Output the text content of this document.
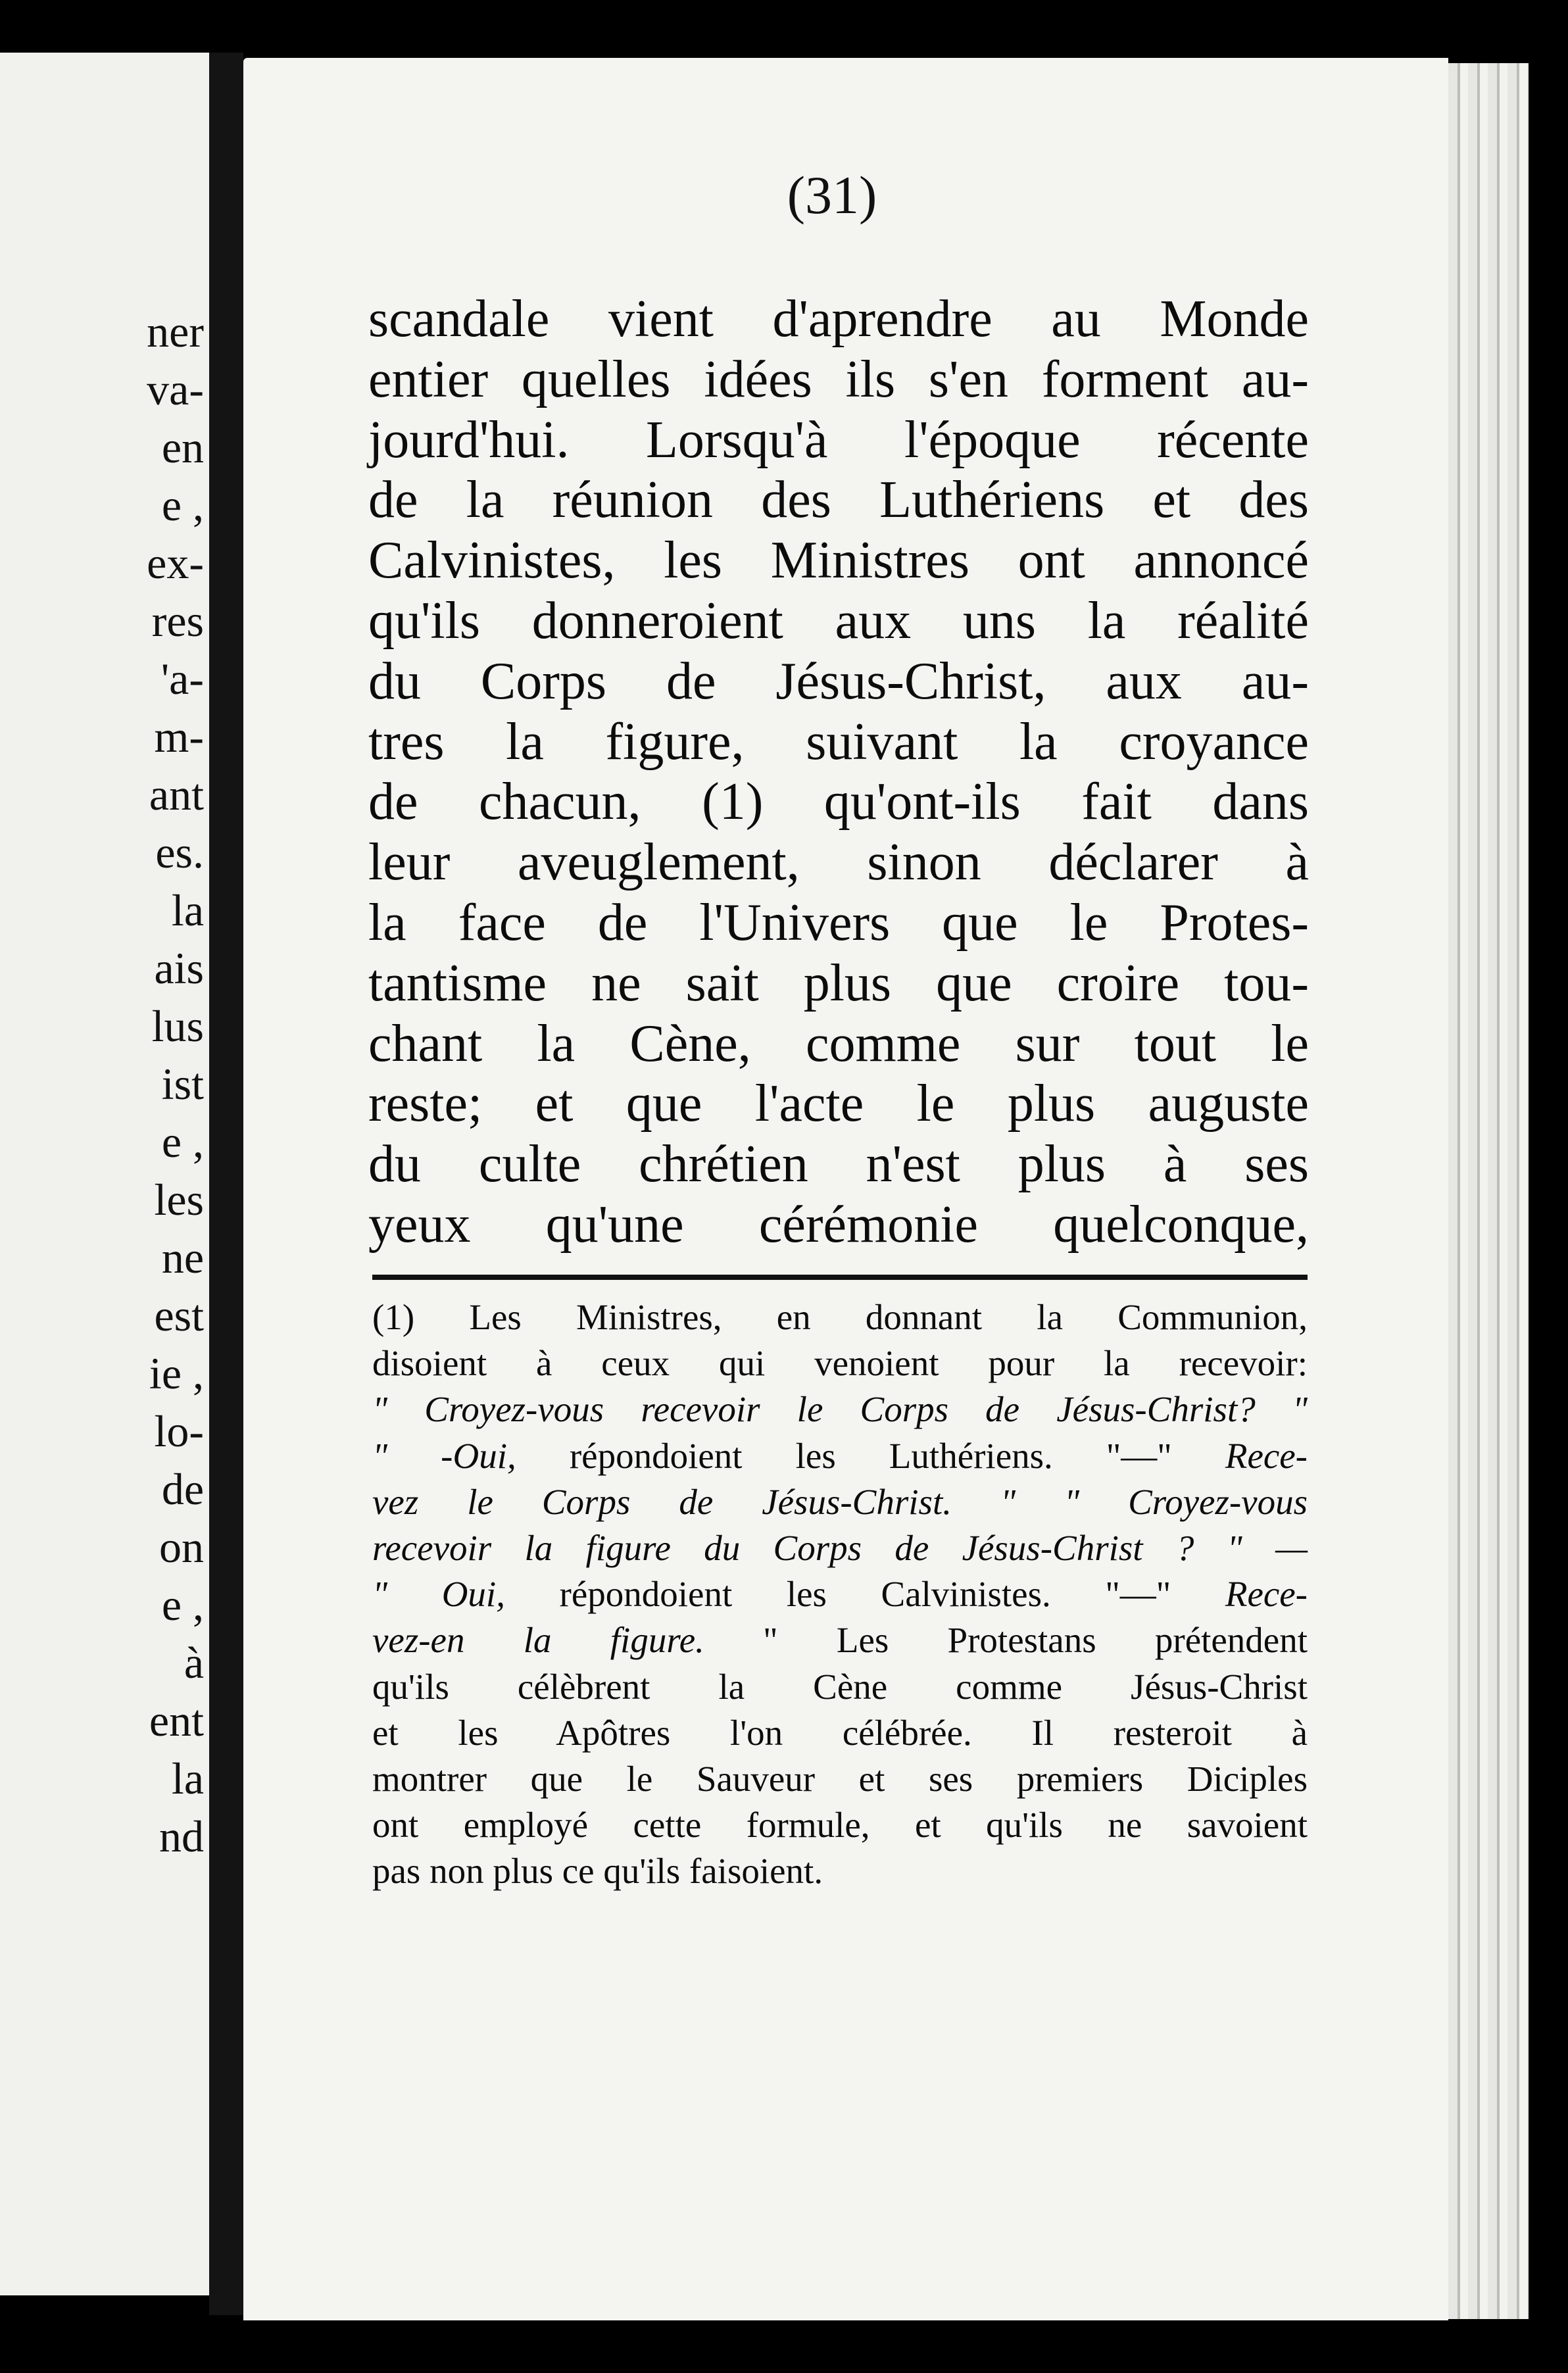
ner
va-
en
e ,
ex-
res
'a-
m-
ant
es.
la
ais
lus
ist
e ,
les
ne
est
ie ,
lo-
de
on
e ,
à
ent
la
nd
(31)
scandale vient d'aprendre au Monde
entier quelles idées ils s'en forment au-
jourd'hui. Lorsqu'à l'époque récente
de la réunion des Luthériens et des
Calvinistes, les Ministres ont annoncé
qu'ils donneroient aux uns la réalité
du Corps de Jésus-Christ, aux au-
tres la figure, suivant la croyance
de chacun, (1) qu'ont-ils fait dans
leur aveuglement, sinon déclarer à
la face de l'Univers que le Protes-
tantisme ne sait plus que croire tou-
chant la Cène, comme sur tout le
reste; et que l'acte le plus auguste
du culte chrétien n'est plus à ses
yeux qu'une cérémonie quelconque,
(1) Les Ministres, en donnant la Communion,
disoient à ceux qui venoient pour la recevoir:
" Croyez-vous recevoir le Corps de Jésus-Christ? "
" -Oui, répondoient les Luthériens. "—" Rece-
vez le Corps de Jésus-Christ. " " Croyez-vous
recevoir la figure du Corps de Jésus-Christ ? " —
" Oui, répondoient les Calvinistes. "—" Rece-
vez-en la figure. " Les Protestans prétendent
qu'ils célèbrent la Cène comme Jésus-Christ
et les Apôtres l'on célébrée. Il resteroit à
montrer que le Sauveur et ses premiers Diciples
ont employé cette formule, et qu'ils ne savoient
pas non plus ce qu'ils faisoient.
